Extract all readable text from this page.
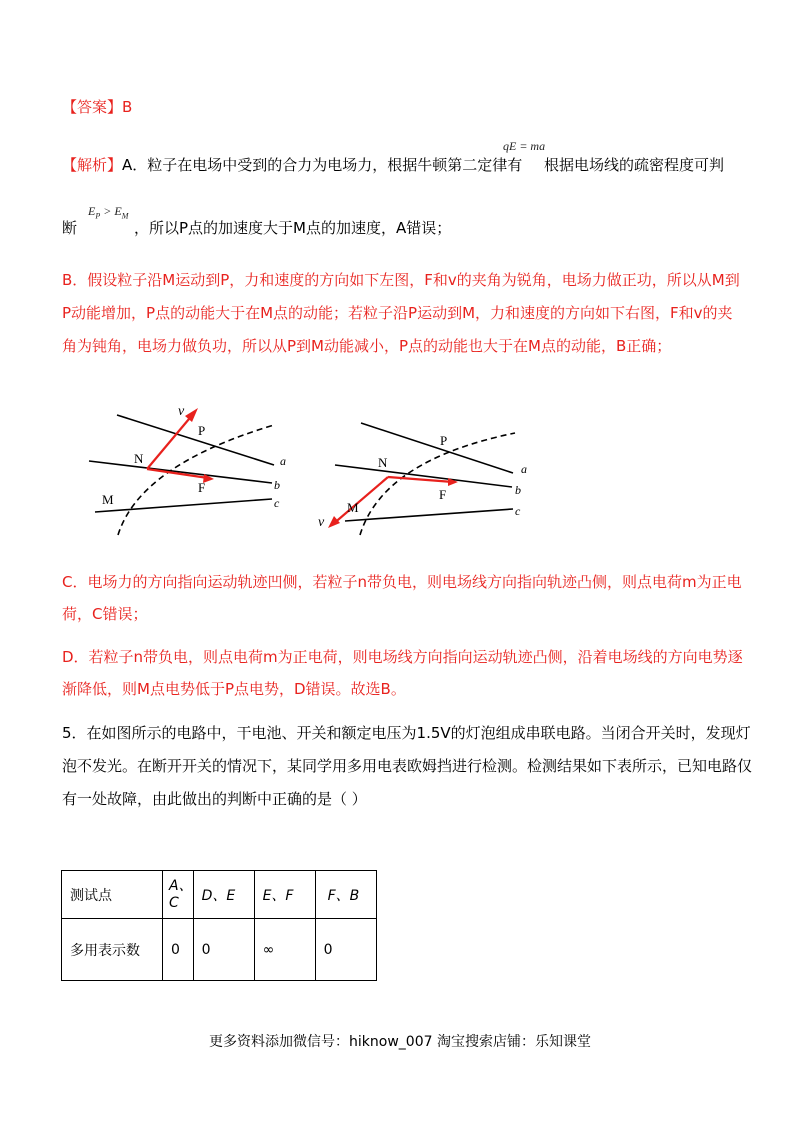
【答案】B
【解析】A．粒子在电场中受到的合力为电场力，根据牛顿第二定律有
qE = ma
根据电场线的疏密程度可判
断
$E_P > E_M$
，所以P点的加速度大于M点的加速度，A错误；
B．假设粒子沿M运动到P，力和速度的方向如下左图，F和v的夹角为锐角，电场力做正功，所以从M到
P动能增加，P点的动能大于在M点的动能；若粒子沿P运动到M，力和速度的方向如下右图，F和v的夹
角为钝角，电场力做负功，所以从P到M动能减小，P点的动能也大于在M点的动能，B正确；
v
P
N
F
M
a
b
c
v
P
N
F
M
a
b
c
C．电场力的方向指向运动轨迹凹侧，若粒子n带负电，则电场线方向指向轨迹凸侧，则点电荷m为正电
荷，C错误；
D．若粒子n带负电，则点电荷m为正电荷，则电场线方向指向运动轨迹凸侧，沿着电场线的方向电势逐
渐降低，则M点电势低于P点电势，D错误。故选B。
5．在如图所示的电路中，干电池、开关和额定电压为1.5V的灯泡组成串联电路。当闭合开关时，发现灯
泡不发光。在断开开关的情况下，某同学用多用电表欧姆挡进行检测。检测结果如下表所示，已知电路仅
有一处故障，由此做出的判断中正确的是（ ）
测试点	A、C	D、E	E、F	F、B
多用表示数	0	0	∞	0
更多资料添加微信号：hiknow_007 淘宝搜索店铺：乐知课堂
